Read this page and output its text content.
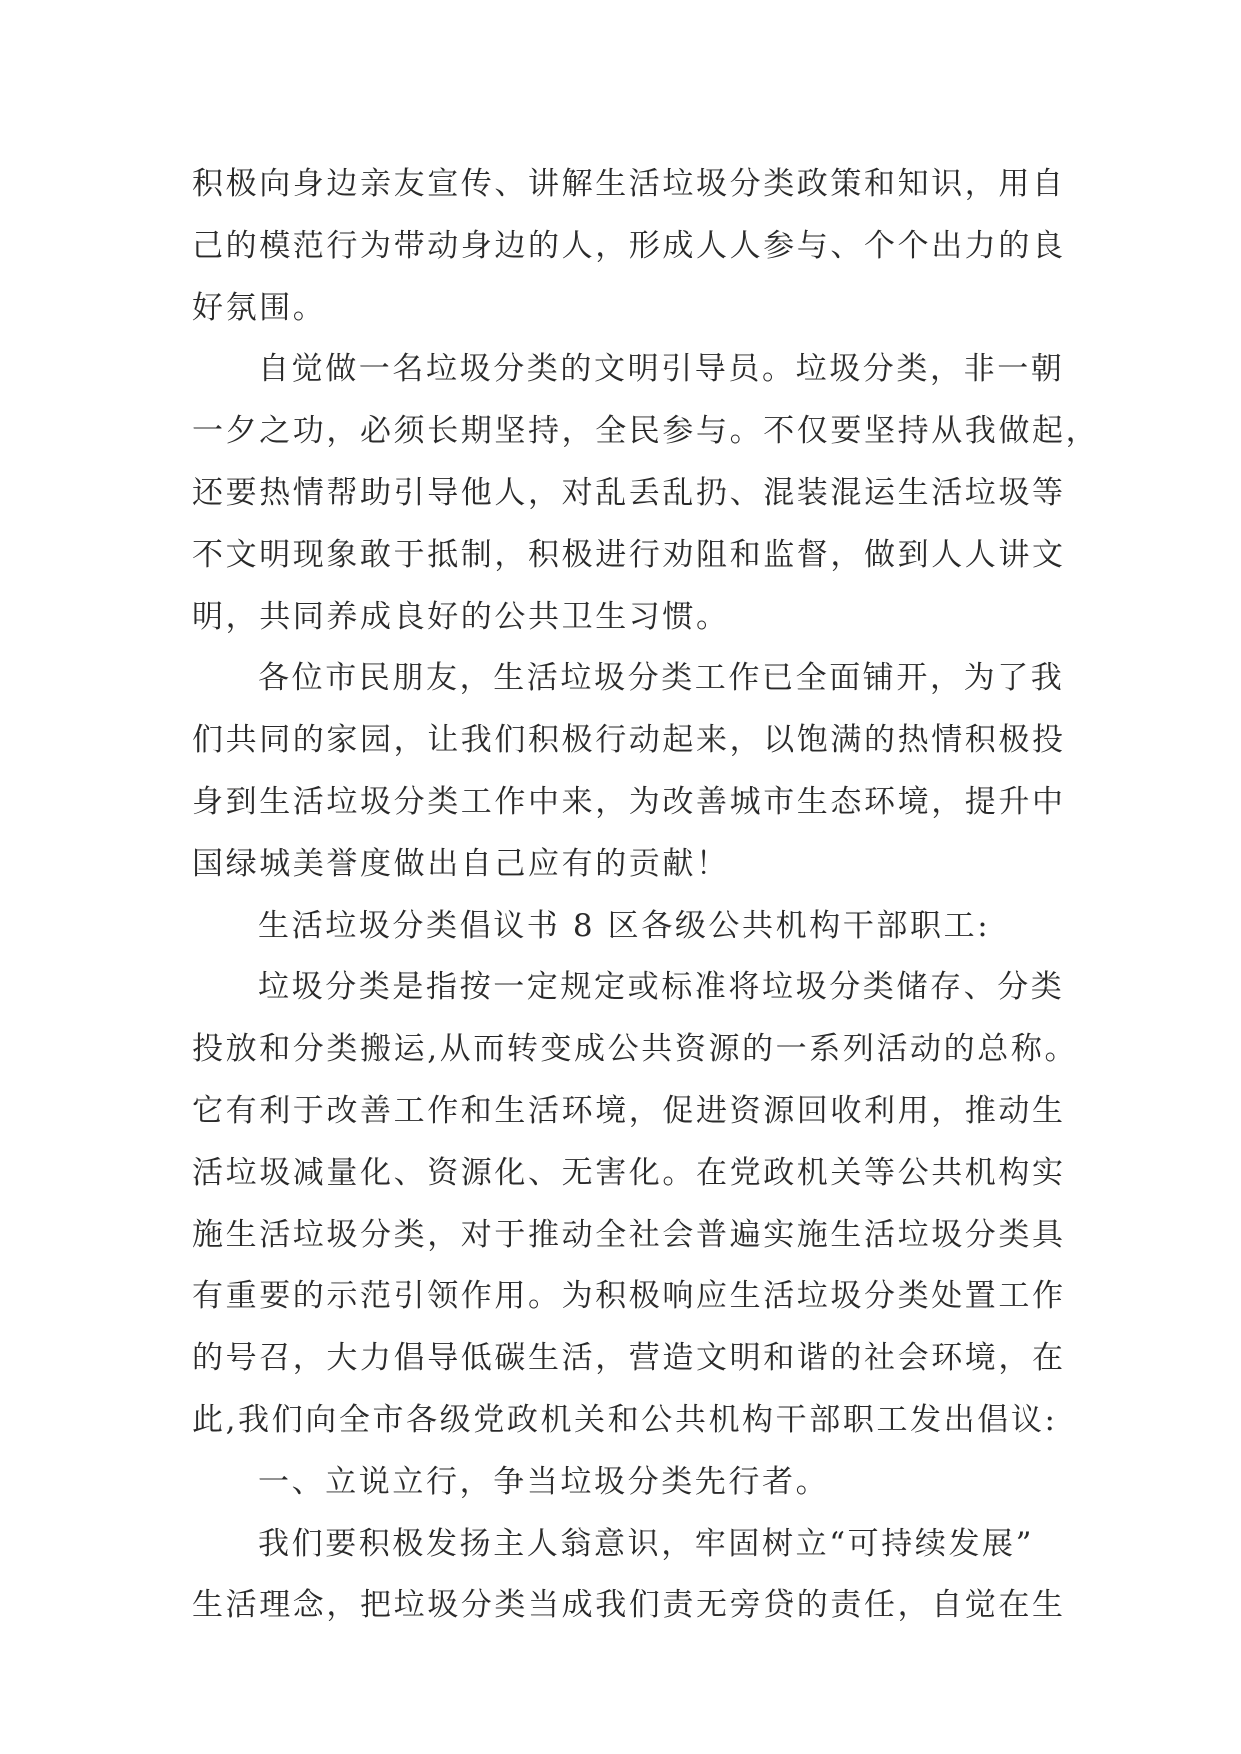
积极向身边亲友宣传、讲解生活垃圾分类政策和知识，用自
己的模范行为带动身边的人，形成人人参与、个个出力的良
好氛围。
自觉做一名垃圾分类的文明引导员。垃圾分类，非一朝
一夕之功，必须长期坚持，全民参与。不仅要坚持从我做起，
还要热情帮助引导他人，对乱丢乱扔、混装混运生活垃圾等
不文明现象敢于抵制，积极进行劝阻和监督，做到人人讲文
明，共同养成良好的公共卫生习惯。
各位市民朋友，生活垃圾分类工作已全面铺开，为了我
们共同的家园，让我们积极行动起来，以饱满的热情积极投
身到生活垃圾分类工作中来，为改善城市生态环境，提升中
国绿城美誉度做出自己应有的贡献！
生活垃圾分类倡议书 8 区各级公共机构干部职工:
垃圾分类是指按一定规定或标准将垃圾分类储存、分类
投放和分类搬运,从而转变成公共资源的一系列活动的总称。
它有利于改善工作和生活环境，促进资源回收利用，推动生
活垃圾减量化、资源化、无害化。在党政机关等公共机构实
施生活垃圾分类，对于推动全社会普遍实施生活垃圾分类具
有重要的示范引领作用。为积极响应生活垃圾分类处置工作
的号召，大力倡导低碳生活，营造文明和谐的社会环境，在
此,我们向全市各级党政机关和公共机构干部职工发出倡议:
一、立说立行，争当垃圾分类先行者。
我们要积极发扬主人翁意识，牢固树立“可持续发展”
生活理念，把垃圾分类当成我们责无旁贷的责任，自觉在生
